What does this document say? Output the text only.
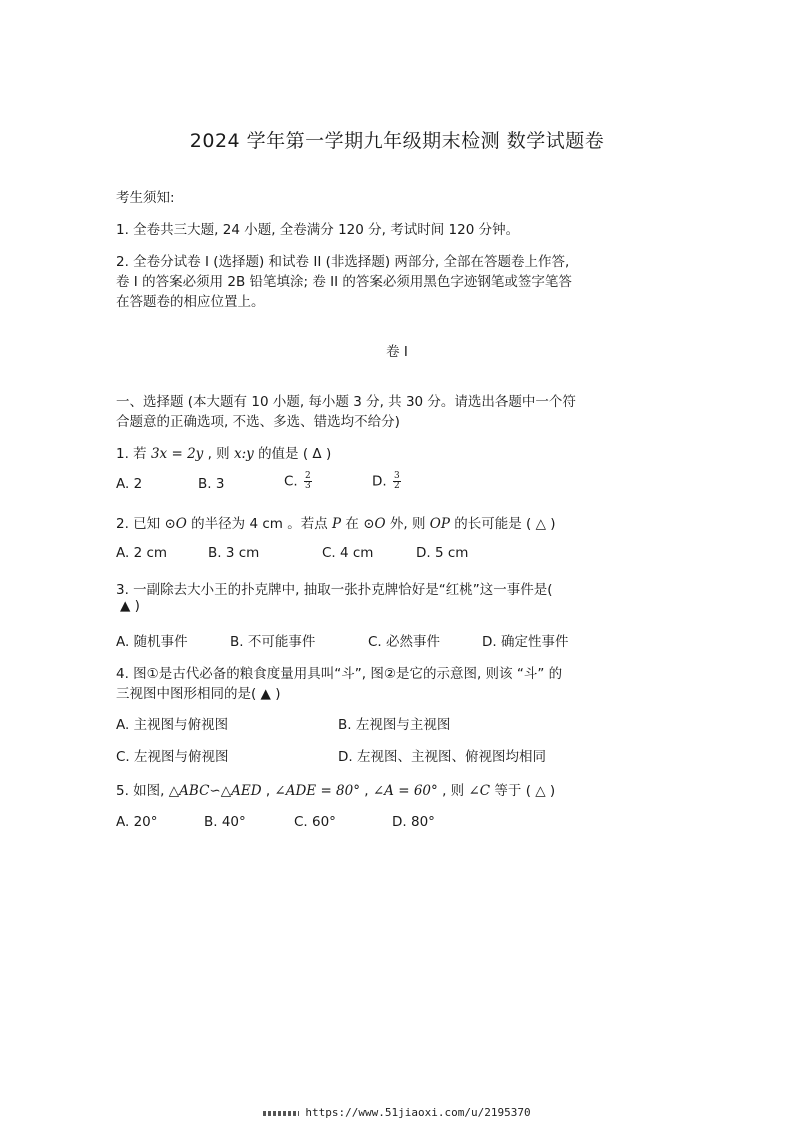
2024 学年第一学期九年级期末检测 数学试题卷
考生须知:
1. 全卷共三大题, 24 小题, 全卷满分 120 分, 考试时间 120 分钟。
2. 全卷分试卷 I (选择题) 和试卷 II (非选择题) 两部分, 全部在答题卷上作答,
卷 I 的答案必须用 2B 铅笔填涂; 卷 II 的答案必须用黑色字迹钢笔或签字笔答
在答题卷的相应位置上。
卷 I
一、选择题 (本大题有 10 小题, 每小题 3 分, 共 30 分。请选出各题中一个符
合题意的正确选项, 不选、多选、错选均不给分)
1. 若 3x = 2y , 则 x:y 的值是 ( Δ )
A. 2	B. 3	C. $\frac{2}{3}$	D. $\frac{3}{2}$
2. 已知 ⊙O 的半径为 4 cm 。若点 P 在 ⊙O 外, 则 OP 的长可能是 ( △ )
A. 2 cm	B. 3 cm	C. 4 cm	D. 5 cm
3. 一副除去大小王的扑克牌中, 抽取一张扑克牌恰好是“红桃”这一事件是(
▲ )
A. 随机事件	B. 不可能事件	C. 必然事件	D. 确定性事件
4. 图①是古代必备的粮食度量用具叫“斗”, 图②是它的示意图, 则该 “斗” 的
三视图中图形相同的是( ▲ )
A. 主视图与俯视图	B. 左视图与主视图
C. 左视图与俯视图	D. 左视图、主视图、俯视图均相同
5. 如图, △ABC∽△AED , ∠ADE = 80° , ∠A = 60° , 则 ∠C 等于 ( △ )
A. 20°	B. 40°	C. 60°	D. 80°
https://www.51jiaoxi.com/u/2195370
